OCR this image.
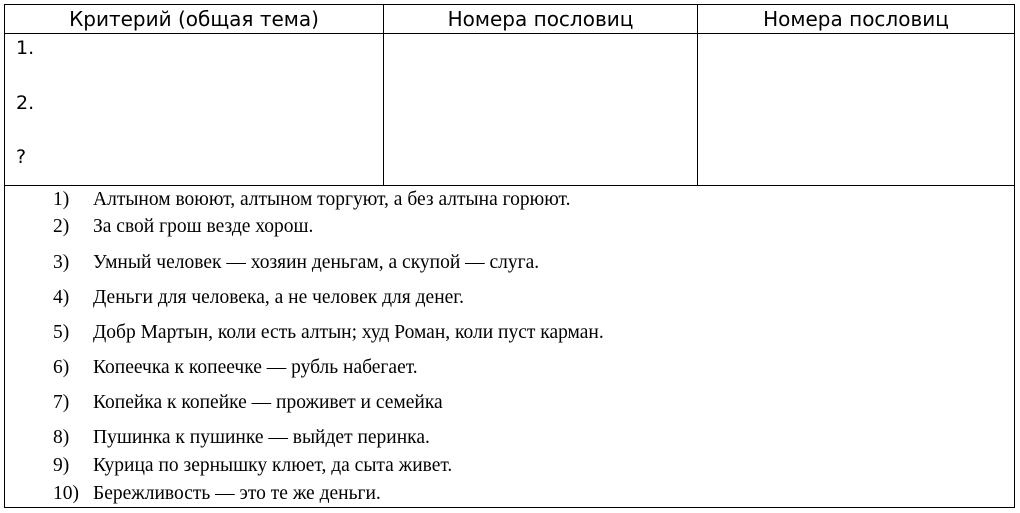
Критерий (общая тема)	Номера пословиц	Номера пословиц
1.
2.
?
1) Алтыном воюют, алтыном торгуют, а без алтына горюют.
2) За свой грош везде хорош.
3) Умный человек — хозяин деньгам, а скупой — слуга.
4) Деньги для человека, а не человек для денег.
5) Добр Мартын, коли есть алтын; худ Роман, коли пуст карман.
6) Копеечка к копеечке — рубль набегает.
7) Копейка к копейке — проживет и семейка
8) Пушинка к пушинке — выйдет перинка.
9) Курица по зернышку клюет, да сыта живет.
10) Бережливость — это те же деньги.
